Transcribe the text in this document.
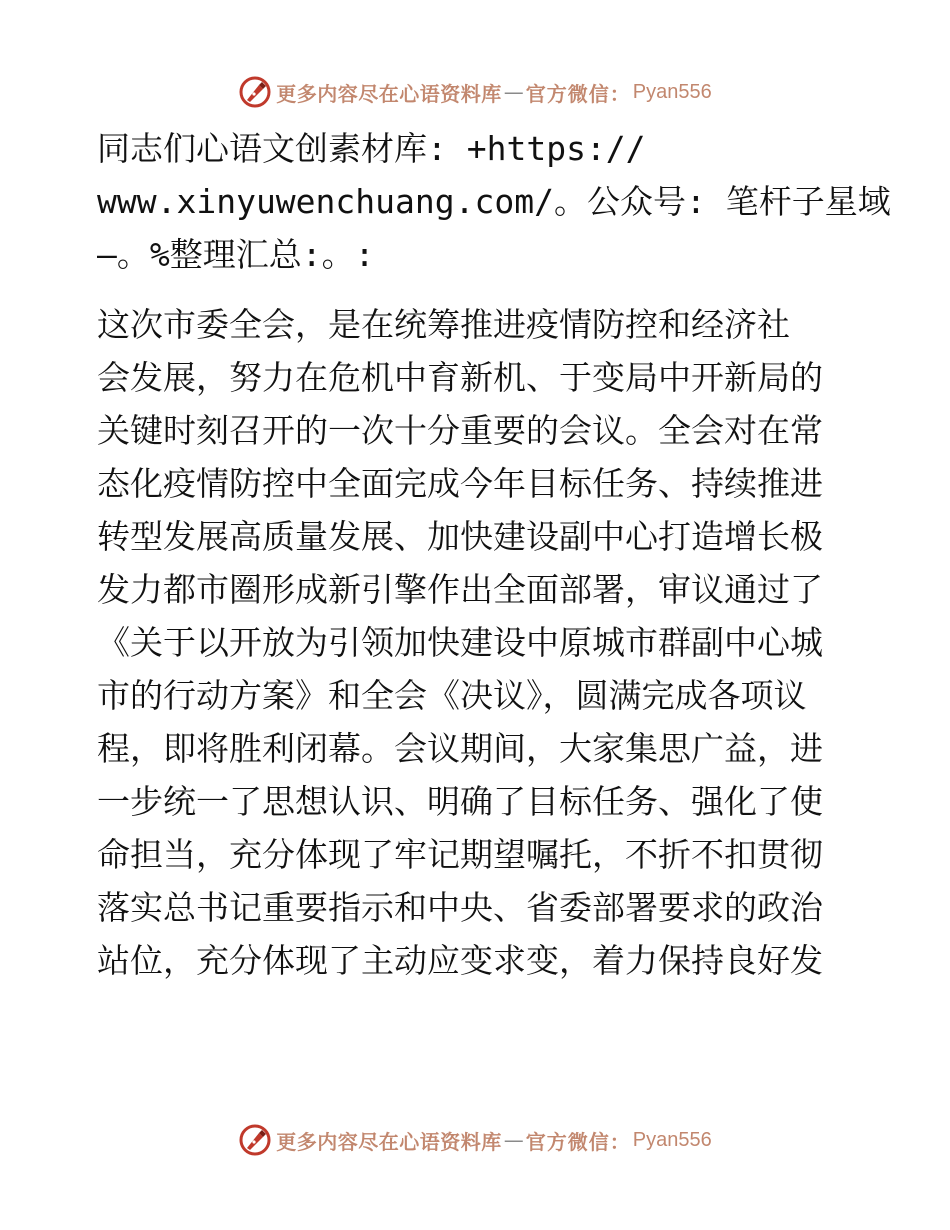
更多内容尽在心语资料库 — 官方微信： Pyan556
同志们心语文创素材库: +https://
www.xinyuwenchuang.com/。公众号: 笔杆子星域
—。%整理汇总:。:
这次市委全会，是在统筹推进疫情防控和经济社
会发展，努力在危机中育新机、于变局中开新局的
关键时刻召开的一次十分重要的会议。全会对在常
态化疫情防控中全面完成今年目标任务、持续推进
转型发展高质量发展、加快建设副中心打造增长极
发力都市圈形成新引擎作出全面部署，审议通过了
《关于以开放为引领加快建设中原城市群副中心城
市的行动方案》和全会《决议》，圆满完成各项议
程，即将胜利闭幕。会议期间，大家集思广益，进
一步统一了思想认识、明确了目标任务、强化了使
命担当，充分体现了牢记期望嘱托，不折不扣贯彻
落实总书记重要指示和中央、省委部署要求的政治
站位，充分体现了主动应变求变，着力保持良好发
更多内容尽在心语资料库 — 官方微信： Pyan556
